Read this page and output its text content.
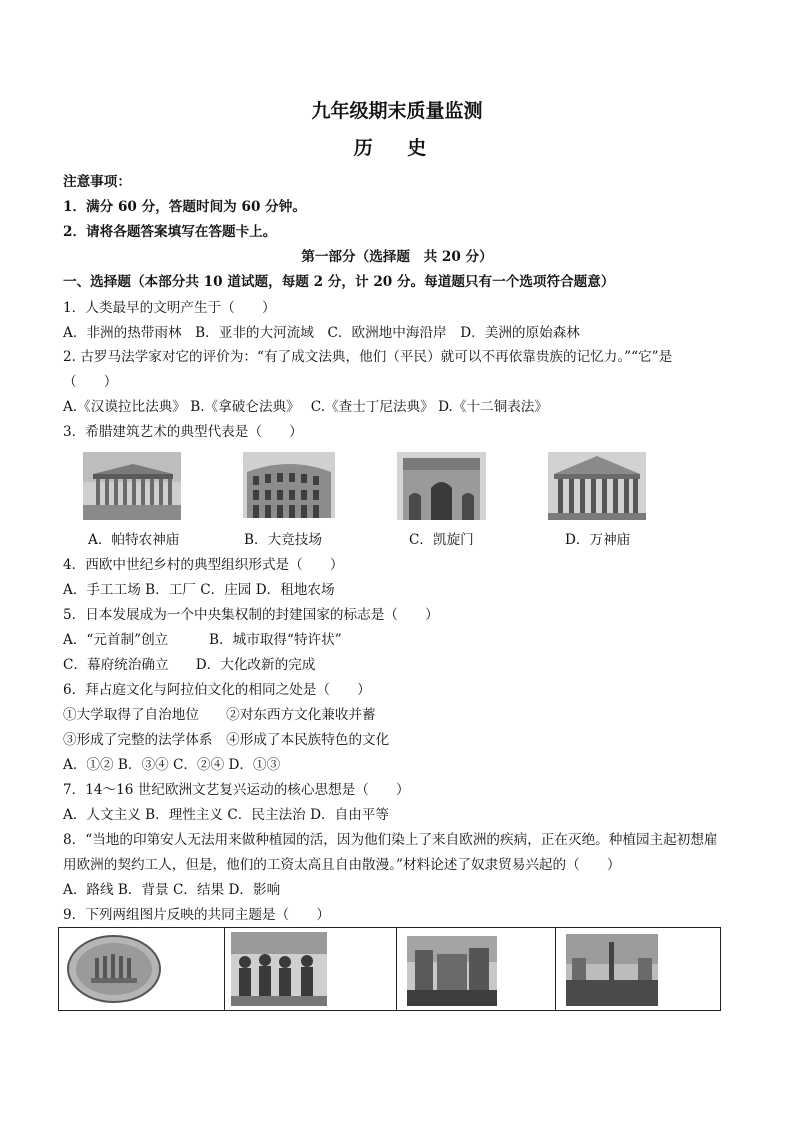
九年级期末质量监测
历 史
注意事项：
1．满分 60 分，答题时间为 60 分钟。
2．请将各题答案填写在答题卡上。
第一部分（选择题　共 20 分）
一、选择题（本部分共 10 道试题，每题 2 分，计 20 分。每道题只有一个选项符合题意）
1．人类最早的文明产生于（　　）
A．非洲的热带雨林　B．亚非的大河流域　C．欧洲地中海沿岸　D．美洲的原始森林
2. 古罗马法学家对它的评价为：“有了成文法典，他们（平民）就可以不再依靠贵族的记忆力。”“它”是
（　　）
A.《汉谟拉比法典》 B.《拿破仑法典》　 C.《查士丁尼法典》 D.《十二铜表法》
3．希腊建筑艺术的典型代表是（　　）
A．帕特农神庙	B．大竞技场	C．凯旋门	D．万神庙
4．西欧中世纪乡村的典型组织形式是（　　）
A．手工工场 B．工厂 C．庄园 D．租地农场
5．日本发展成为一个中央集权制的封建国家的标志是（　　）
A．“元首制”创立　　　B．城市取得“特许状”
C．幕府统治确立　　D．大化改新的完成
6．拜占庭文化与阿拉伯文化的相同之处是（　　）
①大学取得了自治地位　　②对东西方文化兼收并蓄
③形成了完整的法学体系　④形成了本民族特色的文化
A．①② B．③④ C．②④ D．①③
7．14～16 世纪欧洲文艺复兴运动的核心思想是（　　）
A．人文主义 B．理性主义 C．民主法治 D．自由平等
8．“当地的印第安人无法用来做种植园的活，因为他们染上了来自欧洲的疾病，正在灭绝。种植园主起初想雇
用欧洲的契约工人，但是，他们的工资太高且自由散漫。”材料论述了奴隶贸易兴起的（　　）
A．路线 B．背景 C．结果 D．影响
9．下列两组图片反映的共同主题是（　　）
